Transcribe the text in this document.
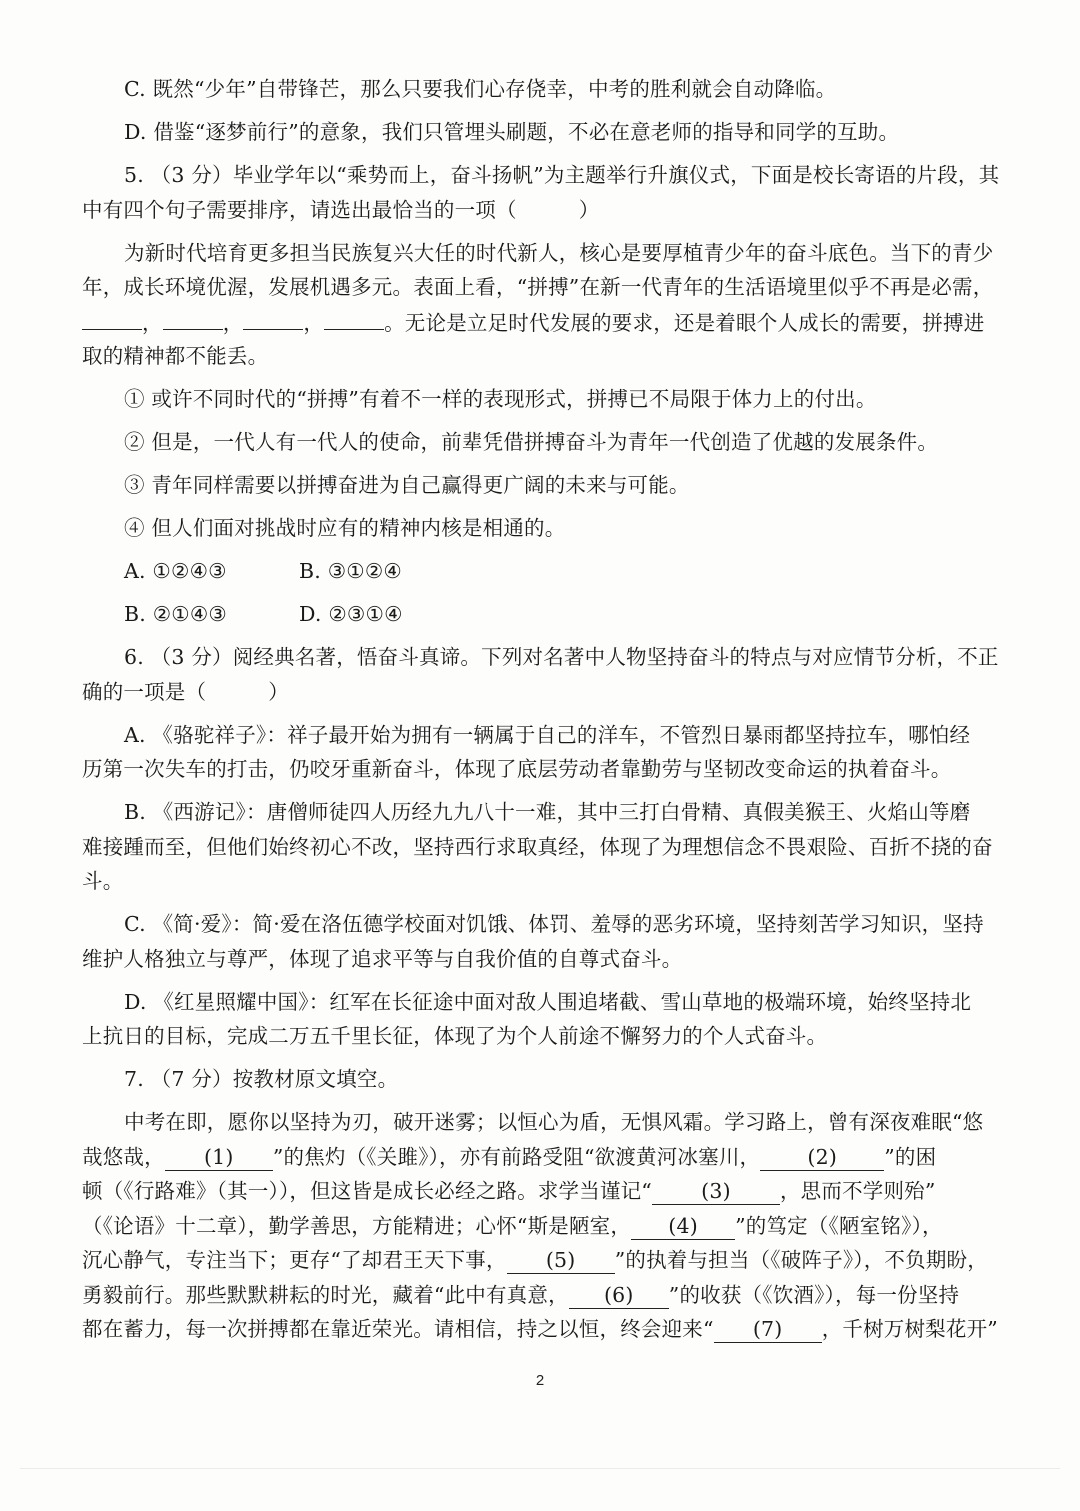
C. 既然“少年”自带锋芒，那么只要我们心存侥幸，中考的胜利就会自动降临。
D. 借鉴“逐梦前行”的意象，我们只管埋头刷题，不必在意老师的指导和同学的互助。
5. （3 分）毕业学年以“乘势而上，奋斗扬帆”为主题举行升旗仪式，下面是校长寄语的片段，其
中有四个句子需要排序，请选出最恰当的一项（　　　）
为新时代培育更多担当民族复兴大任的时代新人，核心是要厚植青少年的奋斗底色。当下的青少
年，成长环境优渥，发展机遇多元。表面上看，“拼搏”在新一代青年的生活语境里似乎不再是必需，
，	，	，	。无论是立足时代发展的要求，还是着眼个人成长的需要，拼搏进
取的精神都不能丢。
① 或许不同时代的“拼搏”有着不一样的表现形式，拼搏已不局限于体力上的付出。
② 但是，一代人有一代人的使命，前辈凭借拼搏奋斗为青年一代创造了优越的发展条件。
③ 青年同样需要以拼搏奋进为自己赢得更广阔的未来与可能。
④ 但人们面对挑战时应有的精神内核是相通的。
A. ①②④③	B. ③①②④
B. ②①④③	D. ②③①④
6. （3 分）阅经典名著，悟奋斗真谛。下列对名著中人物坚持奋斗的特点与对应情节分析，不正
确的一项是（　　　）
A. 《骆驼祥子》：祥子最开始为拥有一辆属于自己的洋车，不管烈日暴雨都坚持拉车，哪怕经
历第一次失车的打击，仍咬牙重新奋斗，体现了底层劳动者靠勤劳与坚韧改变命运的执着奋斗。
B. 《西游记》：唐僧师徒四人历经九九八十一难，其中三打白骨精、真假美猴王、火焰山等磨
难接踵而至，但他们始终初心不改，坚持西行求取真经，体现了为理想信念不畏艰险、百折不挠的奋
斗。
C. 《简·爱》：简·爱在洛伍德学校面对饥饿、体罚、羞辱的恶劣环境，坚持刻苦学习知识，坚持
维护人格独立与尊严，体现了追求平等与自我价值的自尊式奋斗。
D. 《红星照耀中国》：红军在长征途中面对敌人围追堵截、雪山草地的极端环境，始终坚持北
上抗日的目标，完成二万五千里长征，体现了为个人前途不懈努力的个人式奋斗。
7. （7 分）按教材原文填空。
中考在即，愿你以坚持为刃，破开迷雾；以恒心为盾，无惧风霜。学习路上，曾有深夜难眠“悠
哉悠哉， (1) ”的焦灼（《关雎》），亦有前路受阻“欲渡黄河冰塞川， (2) ”的困
顿（《行路难》（其一）），但这皆是成长必经之路。求学当谨记“ (3) ，思而不学则殆”
（《论语》十二章），勤学善思，方能精进；心怀“斯是陋室， (4) ”的笃定（《陋室铭》），
沉心静气，专注当下；更存“了却君王天下事， (5) ”的执着与担当（《破阵子》），不负期盼，
勇毅前行。那些默默耕耘的时光，藏着“此中有真意， (6) ”的收获（《饮酒》），每一份坚持
都在蓄力，每一次拼搏都在靠近荣光。请相信，持之以恒，终会迎来“ (7) ，千树万树梨花开”
2
